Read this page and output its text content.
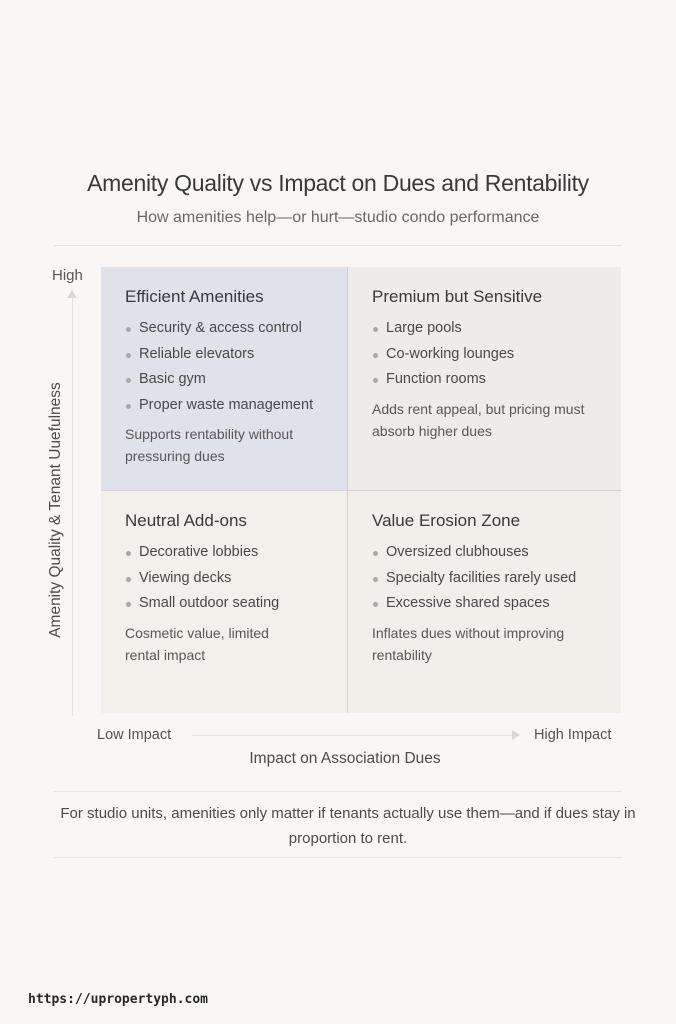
Amenity Quality vs Impact on Dues and Rentability
How amenities help—or hurt—studio condo performance
High
Amenity Quality & Tenant Uuefulness
Efficient Amenities
Security & access control
Reliable elevators
Basic gym
Proper waste management
Supports rentability without pressuring dues
Premium but Sensitive
Large pools
Co-working lounges
Function rooms
Adds rent appeal, but pricing must absorb higher dues
Neutral Add-ons
Decorative lobbies
Viewing decks
Small outdoor seating
Cosmetic value, limited rental impact
Value Erosion Zone
Oversized clubhouses
Specialty facilities rarely used
Excessive shared spaces
Inflates dues without improving rentability
Low Impact	High Impact
Impact on Association Dues
For studio units, amenities only matter if tenants actually use them—and if dues stay in proportion to rent.
https://upropertyph.com
